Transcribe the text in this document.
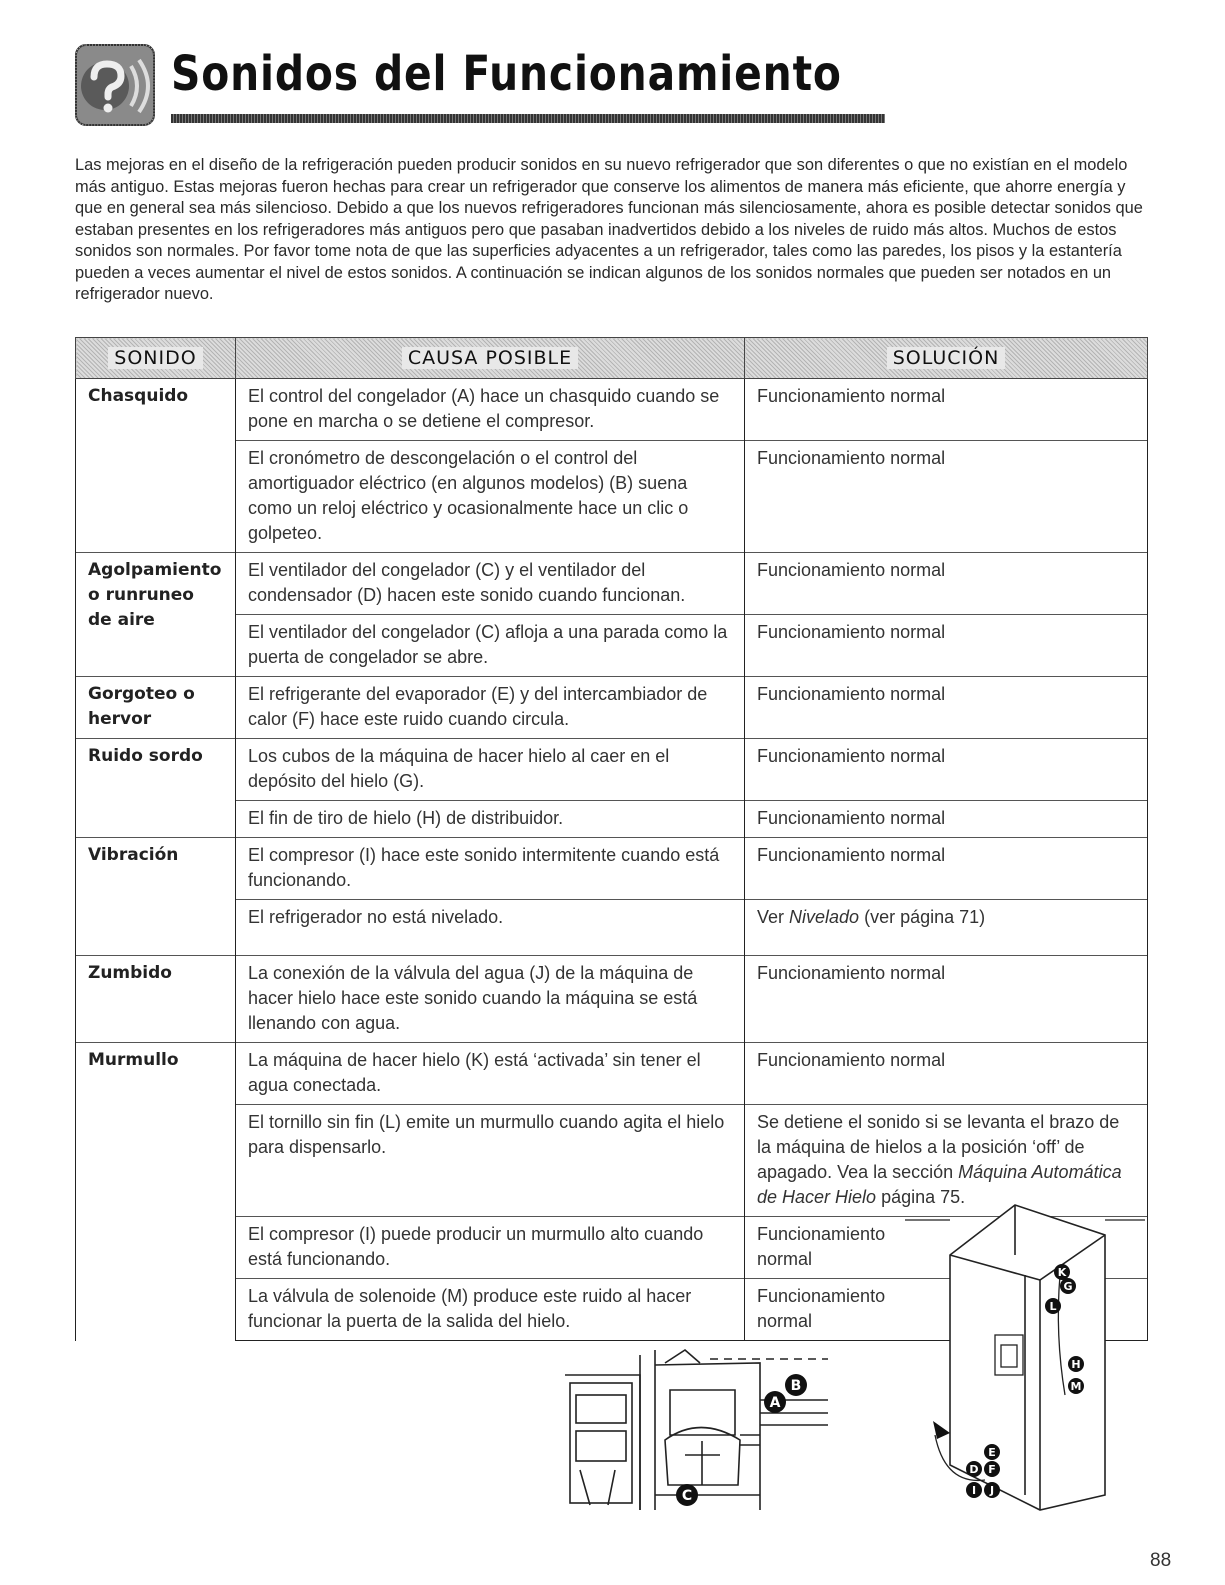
Sonidos del Funcionamiento

Las mejoras en el diseño de la refrigeración pueden producir sonidos en su nuevo refrigerador que son diferentes o que no existían en el modelo más antiguo. Estas mejoras fueron hechas para crear un refrigerador que conserve los alimentos de manera más eficiente, que ahorre energía y que en general sea más silencioso. Debido a que los nuevos refrigeradores funcionan más silenciosamente, ahora es posible detectar sonidos que estaban presentes en los refrigeradores más antiguos pero que pasaban inadvertidos debido a los niveles de ruido más altos. Muchos de estos sonidos son normales. Por favor tome nota de que las superficies adyacentes a un refrigerador, tales como las paredes, los pisos y la estantería pueden a veces aumentar el nivel de estos sonidos. A continuación se indican algunos de los sonidos normales que pueden ser notados en un refrigerador nuevo.

SONIDO	CAUSA POSIBLE	SOLUCIÓN
Chasquido	El control del congelador (A) hace un chasquido cuando se pone en marcha o se detiene el compresor.	Funcionamiento normal
	El cronómetro de descongelación o el control del amortiguador eléctrico (en algunos modelos) (B) suena como un reloj eléctrico y ocasionalmente hace un clic o golpeteo.	Funcionamiento normal
Agolpamiento o runruneo de aire	El ventilador del congelador (C) y el ventilador del condensador (D) hacen este sonido cuando funcionan.	Funcionamiento normal
	El ventilador del congelador (C) afloja a una parada como la puerta de congelador se abre.	Funcionamiento normal
Gorgoteo o hervor	El refrigerante del evaporador (E) y del intercambiador de calor (F) hace este ruido cuando circula.	Funcionamiento normal
Ruido sordo	Los cubos de la máquina de hacer hielo al caer en el depósito del hielo (G).	Funcionamiento normal
	El fin de tiro de hielo (H) de distribuidor.	Funcionamiento normal
Vibración	El compresor (I) hace este sonido intermitente cuando está funcionando.	Funcionamiento normal
	El refrigerador no está nivelado.	Ver Nivelado (ver página 71)
Zumbido	La conexión de la válvula del agua (J) de la máquina de hacer hielo hace este sonido cuando la máquina se está llenando con agua.	Funcionamiento normal
Murmullo	La máquina de hacer hielo (K) está ‘activada’ sin tener el agua conectada.	Funcionamiento normal
	El tornillo sin fin (L) emite un murmullo cuando agita el hielo para dispensarlo.	Se detiene el sonido si se levanta el brazo de la máquina de hielos a la posición ‘off’ de apagado. Vea la sección Máquina Automática de Hacer Hielo página 75.
	El compresor (I) puede producir un murmullo alto cuando está funcionando.	Funcionamiento normal

	La válvula de solenoide (M) produce este ruido al hacer funcionar la puerta de la salida del hielo.	Funcionamiento normal
A
B
C
K
G
L
H
M
E
D F
I J
88
